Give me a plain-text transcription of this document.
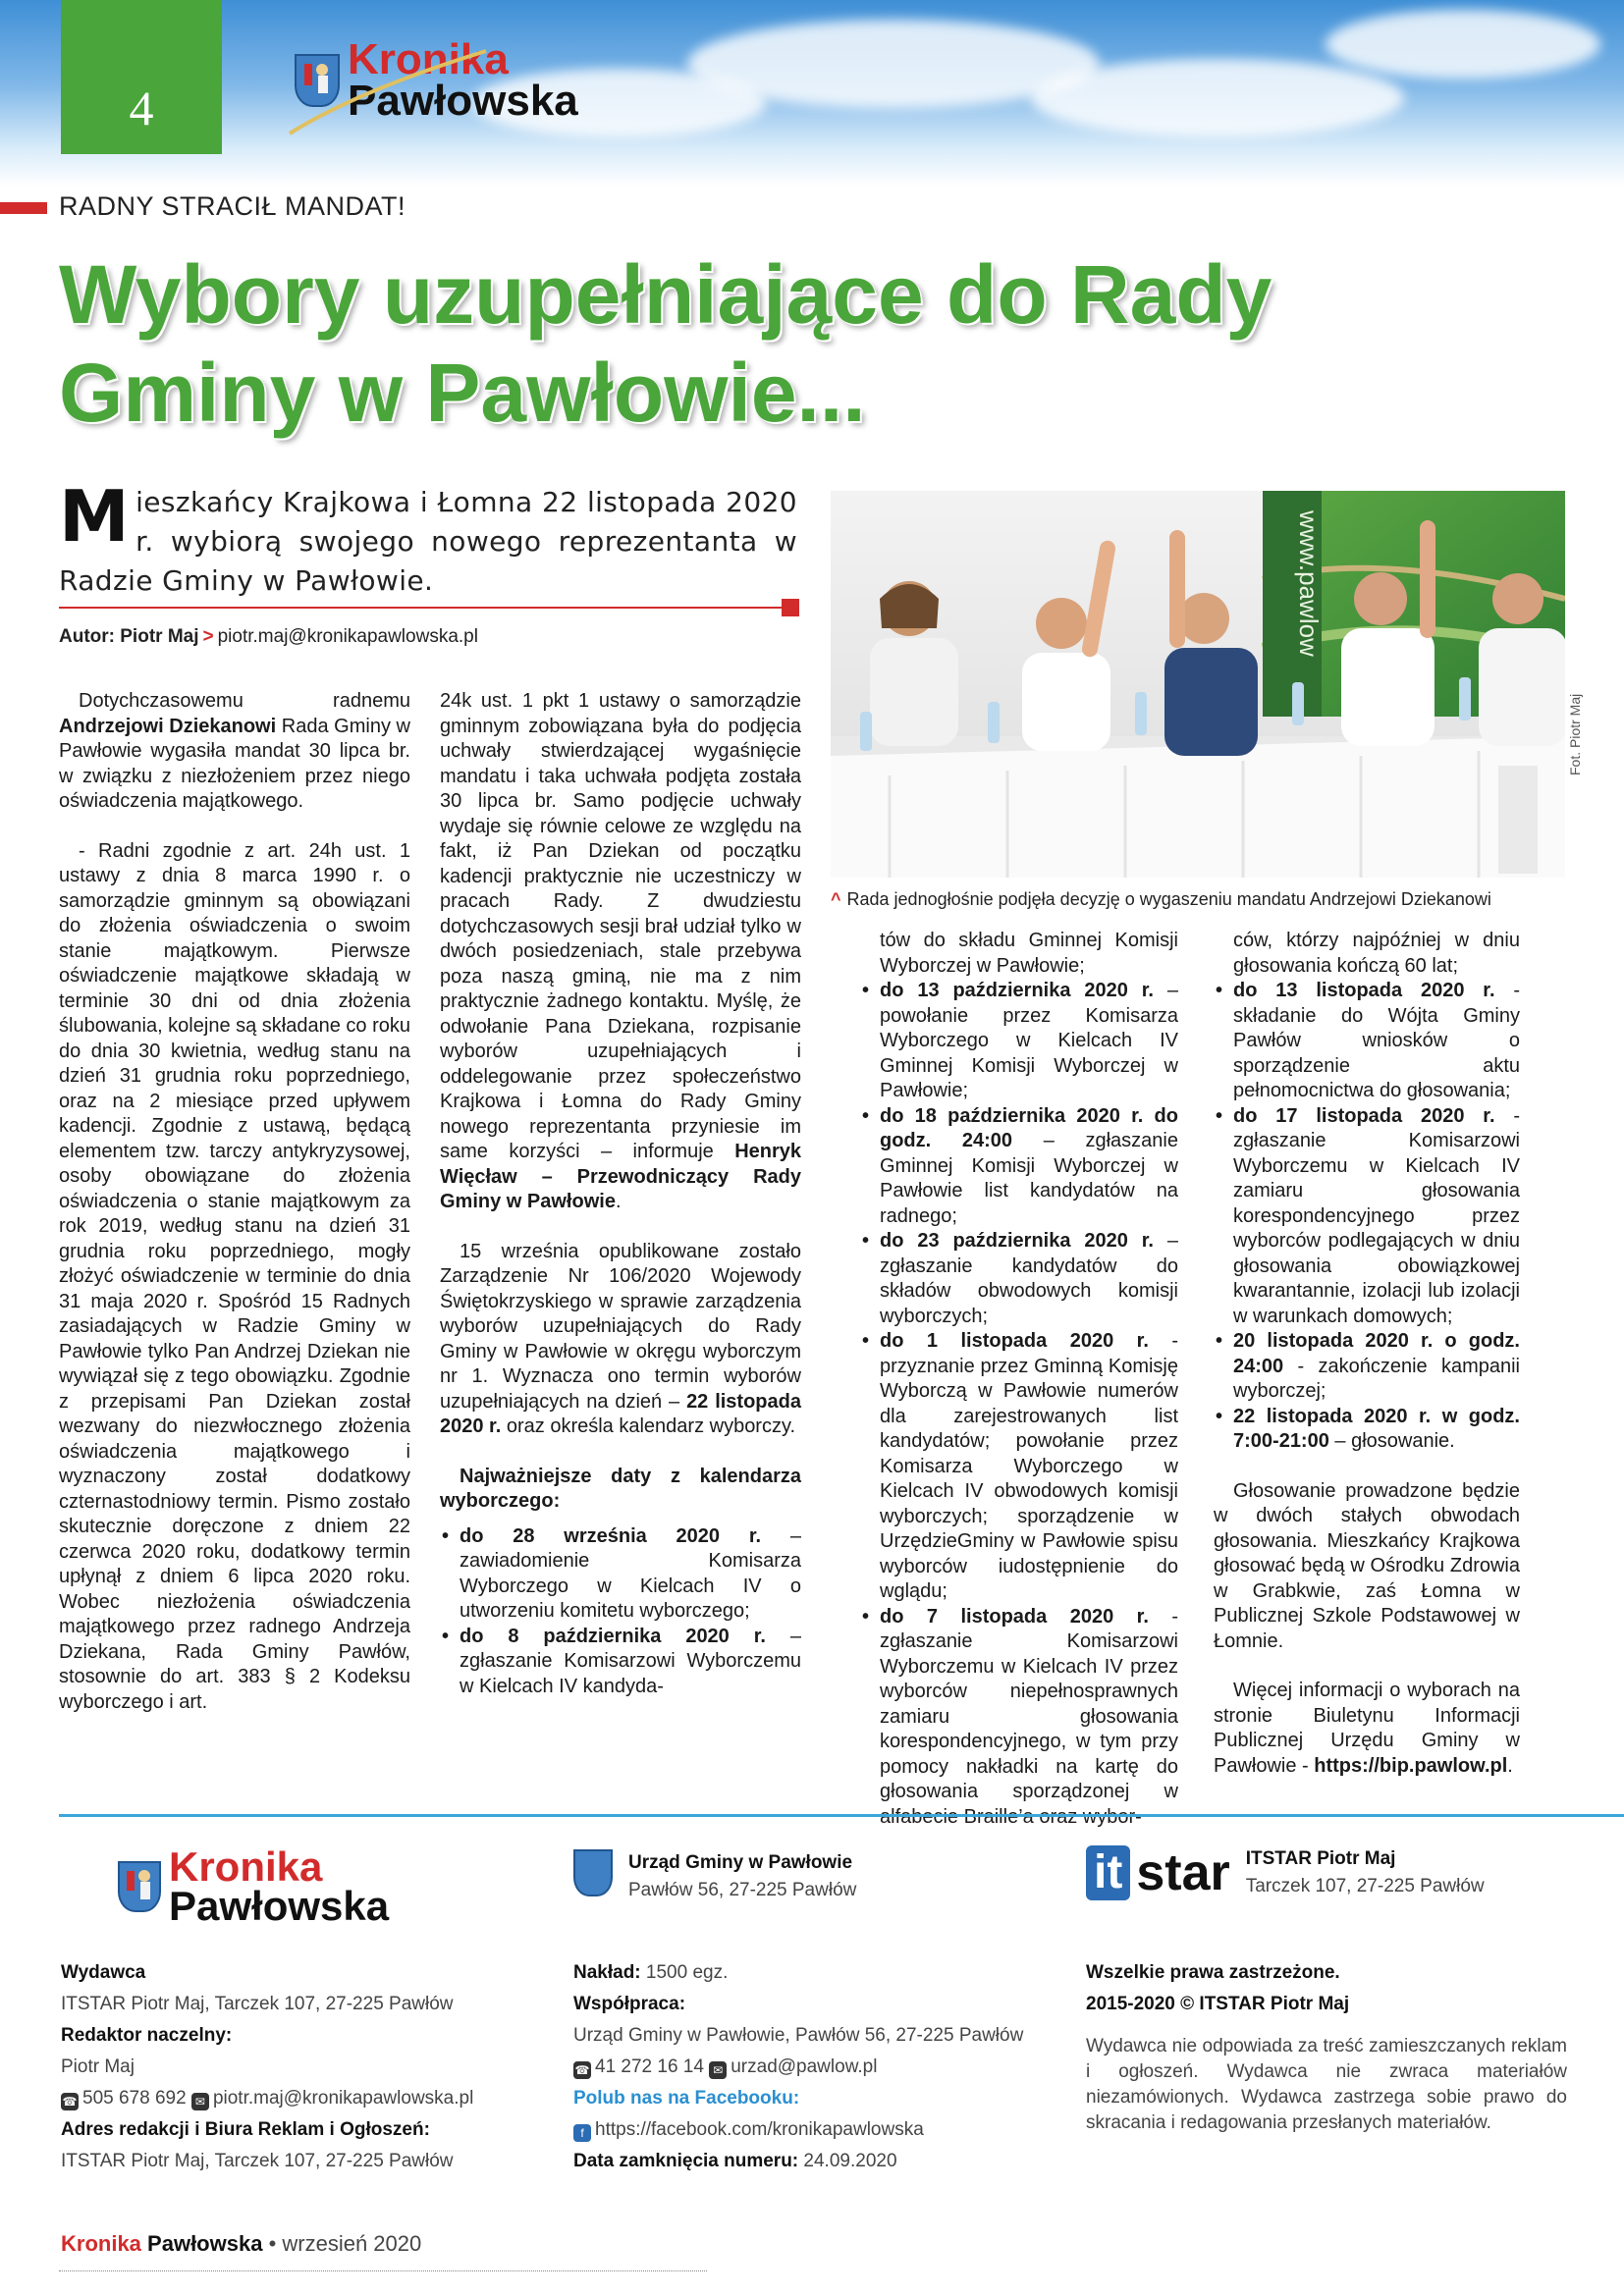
4
Kronika
Pawłowska
RADNY STRACIŁ MANDAT!
Wybory uzupełniające do Rady Gminy w Pawłowie...
Mieszkańcy Krajkowa i Łomna 22 listopada 2020 r. wybiorą swojego nowego reprezentanta w Radzie Gminy w Pawłowie.
Autor: Piotr Maj > piotr.maj@kronikapawlowska.pl

Dotychczasowemu radnemu Andrzejowi Dziekanowi Rada Gminy w Pawłowie wygasiła mandat 30 lipca br. w związku z niezłożeniem przez niego oświadczenia majątkowego.

- Radni zgodnie z art. 24h ust. 1 ustawy z dnia 8 marca 1990 r. o samorządzie gminnym są obowiązani do złożenia oświadczenia o swoim stanie majątkowym. Pierwsze oświadczenie majątkowe składają w terminie 30 dni od dnia złożenia ślubowania, kolejne są składane co roku do dnia 30 kwietnia, według stanu na dzień 31 grudnia roku poprzedniego, oraz na 2 miesiące przed upływem kadencji. Zgodnie z ustawą, będącą elementem tzw. tarczy antykryzysowej, osoby obowiązane do złożenia oświadczenia o stanie majątkowym za rok 2019, według stanu na dzień 31 grudnia roku poprzedniego, mogły złożyć oświadczenie w terminie do dnia 31 maja 2020 r. Spośród 15 Radnych zasiadających w Radzie Gminy w Pawłowie tylko Pan Andrzej Dziekan nie wywiązał się z tego obowiązku. Zgodnie z przepisami Pan Dziekan został wezwany do niezwłocznego złożenia oświadczenia majątkowego i wyznaczony został dodatkowy czternastodniowy termin. Pismo zostało skutecznie doręczone z dniem 22 czerwca 2020 roku, dodatkowy termin upłynął z dniem 6 lipca 2020 roku. Wobec niezłożenia oświadczenia majątkowego przez radnego Andrzeja Dziekana, Rada Gminy Pawłów, stosownie do art. 383 § 2 Kodeksu wyborczego i art.

24k ust. 1 pkt 1 ustawy o samorządzie gminnym zobowiązana była do podjęcia uchwały stwierdzającej wygaśnięcie mandatu i taka uchwała podjęta została 30 lipca br. Samo podjęcie uchwały wydaje się równie celowe ze względu na fakt, iż Pan Dziekan od początku kadencji praktycznie nie uczestniczy w pracach Rady. Z dwudziestu dotychczasowych sesji brał udział tylko w dwóch posiedzeniach, stale przebywa poza naszą gminą, nie ma z nim praktycznie żadnego kontaktu. Myślę, że odwołanie Pana Dziekana, rozpisanie wyborów uzupełniających i oddelegowanie przez społeczeństwo Krajkowa i Łomna do Rady Gminy nowego reprezentanta przyniesie im same korzyści – informuje Henryk Więcław – Przewodniczący Rady Gminy w Pawłowie.

15 września opublikowane zostało Zarządzenie Nr 106/2020 Wojewody Świętokrzyskiego w sprawie zarządzenia wyborów uzupełniających do Rady Gminy w Pawłowie w okręgu wyborczym nr 1. Wyznacza ono termin wyborów uzupełniających na dzień – 22 listopada 2020 r. oraz określa kalendarz wyborczy.

Najważniejsze daty z kalendarza wyborczego:

• do 28 września 2020 r. – zawiadomienie Komisarza Wyborczego w Kielcach IV o utworzeniu komitetu wyborczego;
• do 8 października 2020 r. – zgłaszanie Komisarzowi Wyborczemu w Kielcach IV kandyda-
www.pawlow
Fot. Piotr Maj
^ Rada jednogłośnie podjęła decyzję o wygaszeniu mandatu Andrzejowi Dziekanowi
tów do składu Gminnej Komisji Wyborczej w Pawłowie;
• do 13 października 2020 r. – powołanie przez Komisarza Wyborczego w Kielcach IV Gminnej Komisji Wyborczej w Pawłowie;
• do 18 października 2020 r. do godz. 24:00 – zgłaszanie Gminnej Komisji Wyborczej w Pawłowie list kandydatów na radnego;
• do 23 października 2020 r. – zgłaszanie kandydatów do składów obwodowych komisji wyborczych;
• do 1 listopada 2020 r. - przyznanie przez Gminną Komisję Wyborczą w Pawłowie numerów dla zarejestrowanych list kandydatów; powołanie przez Komisarza Wyborczego w Kielcach IV obwodowych komisji wyborczych; sporządzenie w UrzędzieGminy w Pawłowie spisu wyborców iudostępnienie do wglądu;
• do 7 listopada 2020 r. - zgłaszanie Komisarzowi Wyborczemu w Kielcach IV przez wyborców niepełnosprawnych zamiaru głosowania korespondencyjnego, w tym przy pomocy nakładki na kartę do głosowania sporządzonej w
ców, którzy najpóźniej w dniu głosowania kończą 60 lat;
• do 13 listopada 2020 r. - składanie do Wójta Gminy Pawłów wniosków o sporządzenie aktu pełnomocnictwa do głosowania;
• do 17 listopada 2020 r. - zgłaszanie Komisarzowi Wyborczemu w Kielcach IV zamiaru głosowania korespondencyjnego przez wyborców podlegających w dniu głosowania obowiązkowej kwarantannie, izolacji lub izolacji w warunkach domowych;
• 20 listopada 2020 r. o godz. 24:00 - zakończenie kampanii wyborczej;
• 22 listopada 2020 r. w godz. 7:00-21:00 – głosowanie.

Głosowanie prowadzone będzie w dwóch stałych obwodach głosowania. Mieszkańcy Krajkowa głosować będą w Ośrodku Zdrowia w Grabkwie, zaś Łomna w Publicznej Szkole Podstawowej w Łomnie.

Więcej informacji o wyborach na stronie Biuletynu Informacji Publicznej Urzędu Gminy w Pawłowie - https://bip.pawlow.pl.

Kronika
Pawłowska
Urząd Gminy w Pawłowie
Pawłów 56, 27-225 Pawłów	it star ITSTAR Piotr Maj
Tarczek 107, 27-225 Pawłów
Wydawca
ITSTAR Piotr Maj, Tarczek 107, 27-225 Pawłów
Redaktor naczelny:
Piotr Maj
☎ 505 678 692 ✉ piotr.maj@kronikapawlowska.pl
Adres redakcji i Biura Reklam i Ogłoszeń:
ITSTAR Piotr Maj, Tarczek 107, 27-225 Pawłów
Nakład: 1500 egz.
Współpraca:
Urząd Gminy w Pawłowie, Pawłów 56, 27-225 Pawłów
☎ 41 272 16 14 ✉ urzad@pawlow.pl
Polub nas na Facebooku:
f https://facebook.com/kronikapawlowska
Data zamknięcia numeru: 24.09.2020
Wszelkie prawa zastrzeżone.
2015-2020 © ITSTAR Piotr Maj
Wydawca nie odpowiada za treść zamieszczanych reklam i ogłoszeń. Wydawca nie zwraca materiałów niezamówionych. Wydawca zastrzega sobie prawo do skracania i redagowania przesłanych materiałów.
Kronika Pawłowska • wrzesień 2020
